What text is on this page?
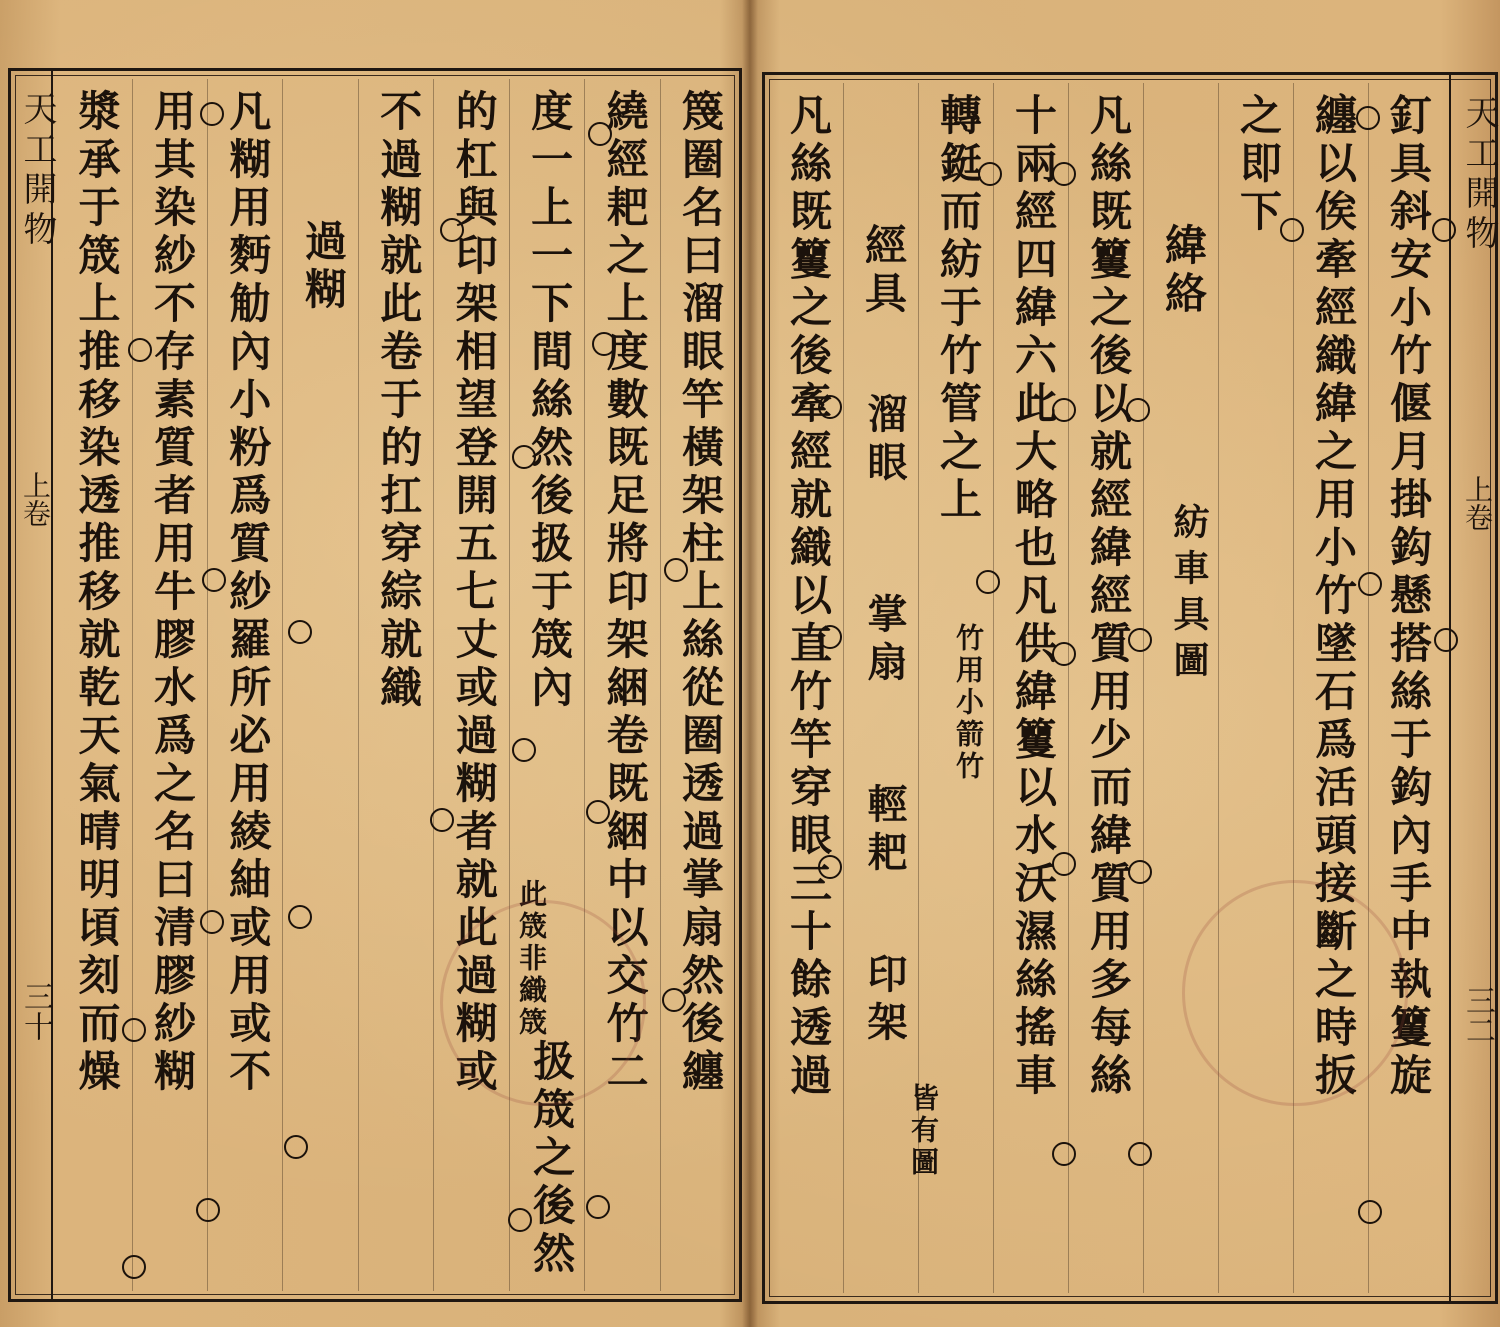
天工開物
上卷
三十	篾圈名曰溜眼竿橫架柱上絲從圈透過掌扇然後纏
繞經耙之上度數既足將印架綑卷既綑中以交竹二
度一上一下間絲然後扱于筬內
此筬非織筬
扱筬之後然
的杠與印架相望登開五七丈或過糊者就此過糊或
不過糊就此卷于的扛穿綜就織
過糊
凡糊用麪觔內小粉爲質紗羅所必用綾紬或用或不
用其染紗不存素質者用牛膠水爲之名曰清膠紗糊
漿承于筬上推移染透推移就乾天氣晴明頃刻而燥	釘具斜安小竹偃月掛鈎懸搭絲于鈎內手中執籰旋
纏以俟牽經織緯之用小竹墜石爲活頭接斷之時扳
之即下
緯絡
紡車具圖
凡絲既籰之後以就經緯經質用少而緯質用多每絲
十兩經四緯六此大略也凡供緯籰以水沃濕絲搖車
轉鋌而紡于竹管之上
竹用小箭竹
經具
溜眼
掌扇
輕耙
印架
皆有圖
凡絲既籰之後牽經就織以直竹竿穿眼三十餘透過	天工開物
上卷
三二
